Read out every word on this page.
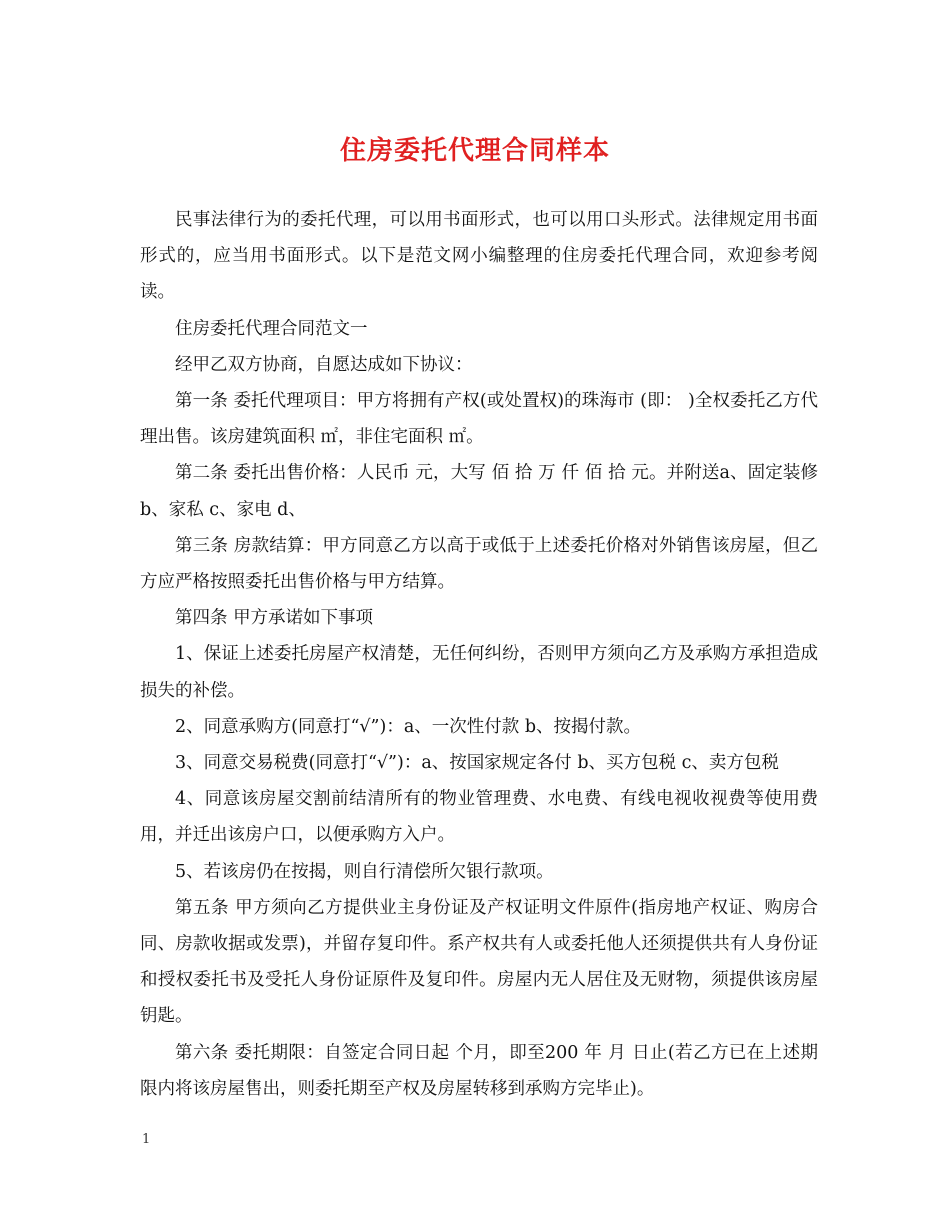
住房委托代理合同样本

民事法律行为的委托代理，可以用书面形式，也可以用口头形式。法律规定用书面形式的，应当用书面形式。以下是范文网小编整理的住房委托代理合同，欢迎参考阅读。

住房委托代理合同范文一

经甲乙双方协商，自愿达成如下协议：

第一条 委托代理项目：甲方将拥有产权(或处置权)的珠海市 (即： )全权委托乙方代理出售。该房建筑面积 ㎡，非住宅面积 ㎡。

第二条 委托出售价格：人民币 元，大写 佰 拾 万 仟 佰 拾 元。并附送a、固定装修 b、家私 c、家电 d、

第三条 房款结算：甲方同意乙方以高于或低于上述委托价格对外销售该房屋，但乙方应严格按照委托出售价格与甲方结算。

第四条 甲方承诺如下事项

1、保证上述委托房屋产权清楚，无任何纠纷，否则甲方须向乙方及承购方承担造成损失的补偿。

2、同意承购方(同意打“√”)：a、一次性付款 b、按揭付款。

3、同意交易税费(同意打“√”)：a、按国家规定各付 b、买方包税 c、卖方包税

4、同意该房屋交割前结清所有的物业管理费、水电费、有线电视收视费等使用费用，并迁出该房户口，以便承购方入户。

5、若该房仍在按揭，则自行清偿所欠银行款项。

第五条 甲方须向乙方提供业主身份证及产权证明文件原件(指房地产权证、购房合同、房款收据或发票)，并留存复印件。系产权共有人或委托他人还须提供共有人身份证和授权委托书及受托人身份证原件及复印件。房屋内无人居住及无财物，须提供该房屋钥匙。

第六条 委托期限：自签定合同日起 个月，即至200 年 月 日止(若乙方已在上述期限内将该房屋售出，则委托期至产权及房屋转移到承购方完毕止)。

1
